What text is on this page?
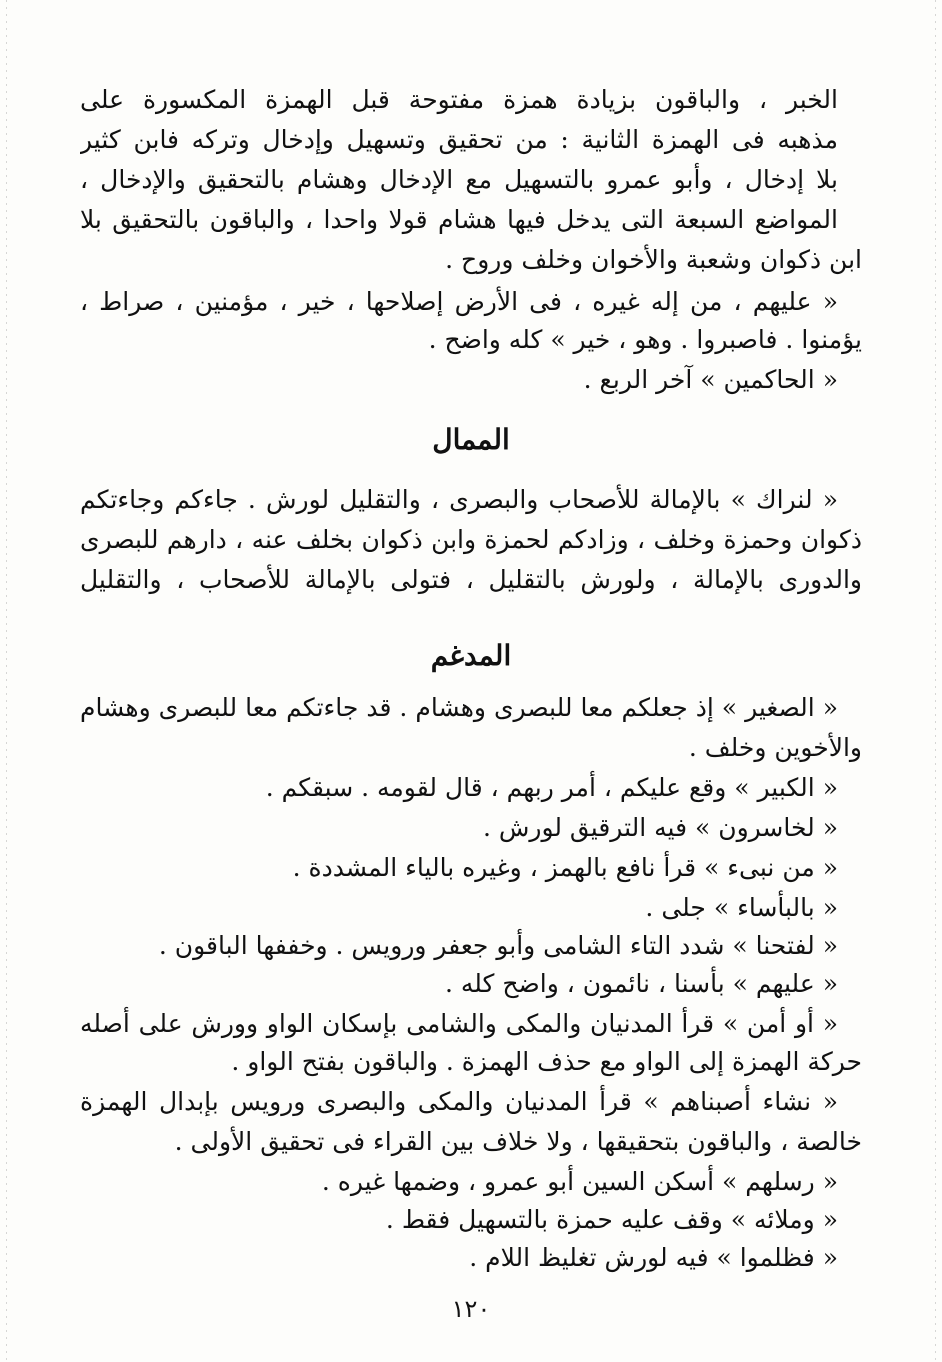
الخبر ، والباقون بزيادة همزة مفتوحة قبل الهمزة المكسورة على
مذهبه فى الهمزة الثانية : من تحقيق وتسهيل وإدخال وتركه فابن كثير
بلا إدخال ، وأبو عمرو بالتسهيل مع الإدخال وهشام بالتحقيق والإدخال ،
المواضع السبعة التى يدخل فيها هشام قولا واحدا ، والباقون بالتحقيق بلا
ابن ذكوان وشعبة والأخوان وخلف وروح .
« عليهم ، من إله غيره ، فى الأرض إصلاحها ، خير ، مؤمنين ، صراط ،
يؤمنوا . فاصبروا . وهو ، خير » كله واضح .
« الحاكمين » آخر الربع .
الممال
« لنراك » بالإمالة للأصحاب والبصرى ، والتقليل لورش . جاءكم وجاءتكم
ذكوان وحمزة وخلف ، وزادكم لحمزة وابن ذكوان بخلف عنه ، دارهم للبصرى
والدورى بالإمالة ، ولورش بالتقليل ، فتولى بالإمالة للأصحاب ، والتقليل
المدغم
« الصغير » إذ جعلكم معا للبصرى وهشام . قد جاءتكم معا للبصرى وهشام
والأخوين وخلف .
« الكبير » وقع عليكم ، أمر ربهم ، قال لقومه . سبقكم .
« لخاسرون » فيه الترقيق لورش .
« من نبىء » قرأ نافع بالهمز ، وغيره بالياء المشددة .
« بالبأساء » جلى .
« لفتحنا » شدد التاء الشامى وأبو جعفر ورويس . وخففها الباقون .
« عليهم » بأسنا ، نائمون ، واضح كله .
« أو أمن » قرأ المدنيان والمكى والشامى بإسكان الواو وورش على أصله
حركة الهمزة إلى الواو مع حذف الهمزة . والباقون بفتح الواو .
« نشاء أصبناهم » قرأ المدنيان والمكى والبصرى ورويس بإبدال الهمزة
خالصة ، والباقون بتحقيقها ، ولا خلاف بين القراء فى تحقيق الأولى .
« رسلهم » أسكن السين أبو عمرو ، وضمها غيره .
« وملائه » وقف عليه حمزة بالتسهيل فقط .
« فظلموا » فيه لورش تغليظ اللام .
١٢٠
